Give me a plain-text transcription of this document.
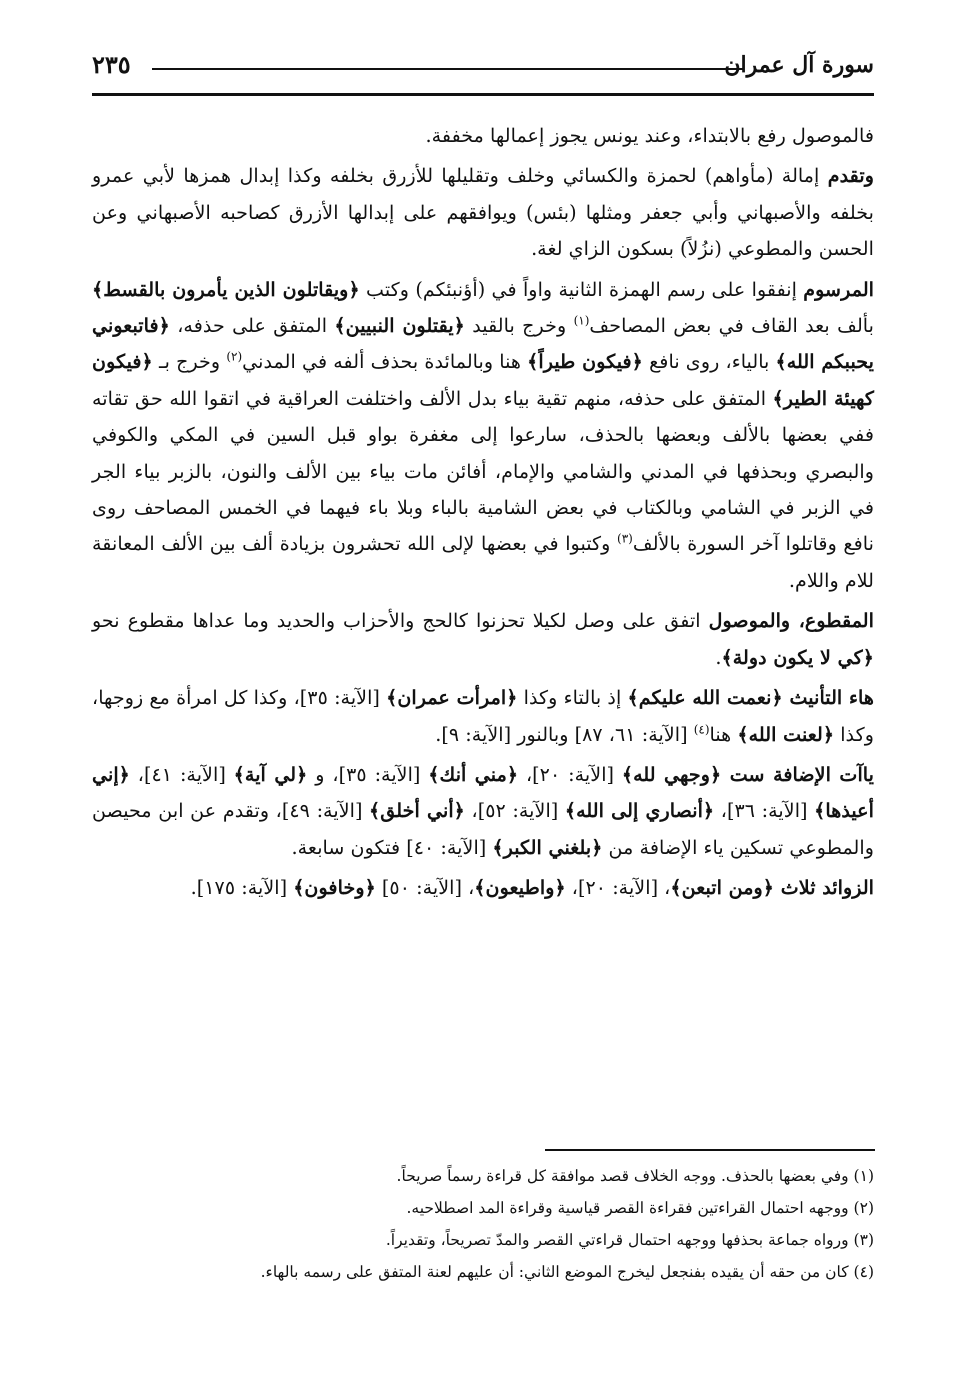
سورة آل عمران
٢٣٥

فالموصول رفع بالابتداء، وعند يونس يجوز إعمالها مخففة.

وتقدم إمالة (مأواهم) لحمزة والكسائي وخلف وتقليلها للأزرق بخلفه وكذا إبدال همزها لأبي عمرو بخلفه والأصبهاني وأبي جعفر ومثلها (بئس) ويوافقهم على إبدالها الأزرق كصاحبه الأصبهاني وعن الحسن والمطوعي (نزُلاً) بسكون الزاي لغة.

المرسوم إنفقوا على رسم الهمزة الثانية واواً في (أؤنبئكم) وكتب ﴿ويقاتلون الذين يأمرون بالقسط﴾ بألف بعد القاف في بعض المصاحف$^{(١)}$ وخرج بالقيد ﴿يقتلون النبيين﴾ المتفق على حذفه، ﴿فاتبعوني يحببكم الله﴾ بالياء، روى نافع ﴿فيكون طيراً﴾ هنا وبالمائدة بحذف ألفه في المدني$^{(٢)}$ وخرج بـ ﴿فيكون كهيئة الطير﴾ المتفق على حذفه، منهم تقية بياء بدل الألف واختلفت العراقية في اتقوا الله حق تقاته ففي بعضها بالألف وبعضها بالحذف، سارعوا إلى مغفرة بواو قبل السين في المكي والكوفي والبصري وبحذفها في المدني والشامي والإمام، أفائن مات بياء بين الألف والنون، بالزبر بياء الجر في الزبر في الشامي وبالكتاب في بعض الشامية بالباء وبلا باء فيهما في الخمس المصاحف روى نافع وقاتلوا آخر السورة بالألف$^{(٣)}$ وكتبوا في بعضها لإلى الله تحشرون بزيادة ألف بين الألف المعانقة للام واللام.

المقطوع، والموصول اتفق على وصل لكيلا تحزنوا كالحج والأحزاب والحديد وما عداها مقطوع نحو ﴿كي لا يكون دولة﴾.

هاء التأنيث ﴿نعمت الله عليكم﴾ إذ بالتاء وكذا ﴿امرأت عمران﴾ [الآية: ٣٥]، وكذا كل امرأة مع زوجها، وكذا ﴿لعنت الله﴾ هنا$^{(٤)}$ [الآية: ٦١، ٨٧] وبالنور [الآية: ٩].

ياآت الإضافة ست ﴿وجهي لله﴾ [الآية: ٢٠]، ﴿مني أنك﴾ [الآية: ٣٥]، و ﴿لي آية﴾ [الآية: ٤١]، ﴿إني أعيذها﴾ [الآية: ٣٦]، ﴿أنصاري إلى الله﴾ [الآية: ٥٢]، ﴿أني أخلق﴾ [الآية: ٤٩]، وتقدم عن ابن محيصن والمطوعي تسكين ياء الإضافة من ﴿بلغني الكبر﴾ [الآية: ٤٠] فتكون سابعة.

الزوائد ثلاث ﴿ومن اتبعن﴾، [الآية: ٢٠]، ﴿واطيعون﴾، [الآية: ٥٠] ﴿وخافون﴾ [الآية: ١٧٥].

(١) وفي بعضها بالحذف. ووجه الخلاف قصد موافقة كل قراءة رسماً صريحاً.

(٢) ووجهه احتمال القراءتين فقراءة القصر قياسية وقراءة المد اصطلاحيه.

(٣) ورواه جماعة بحذفها ووجهه احتمال قراءتي القصر والمدّ تصريحاً، وتقديراً.

(٤) كان من حقه أن يقيده بفنجعل ليخرج الموضع الثاني: أن عليهم لعنة المتفق على رسمه بالهاء.
